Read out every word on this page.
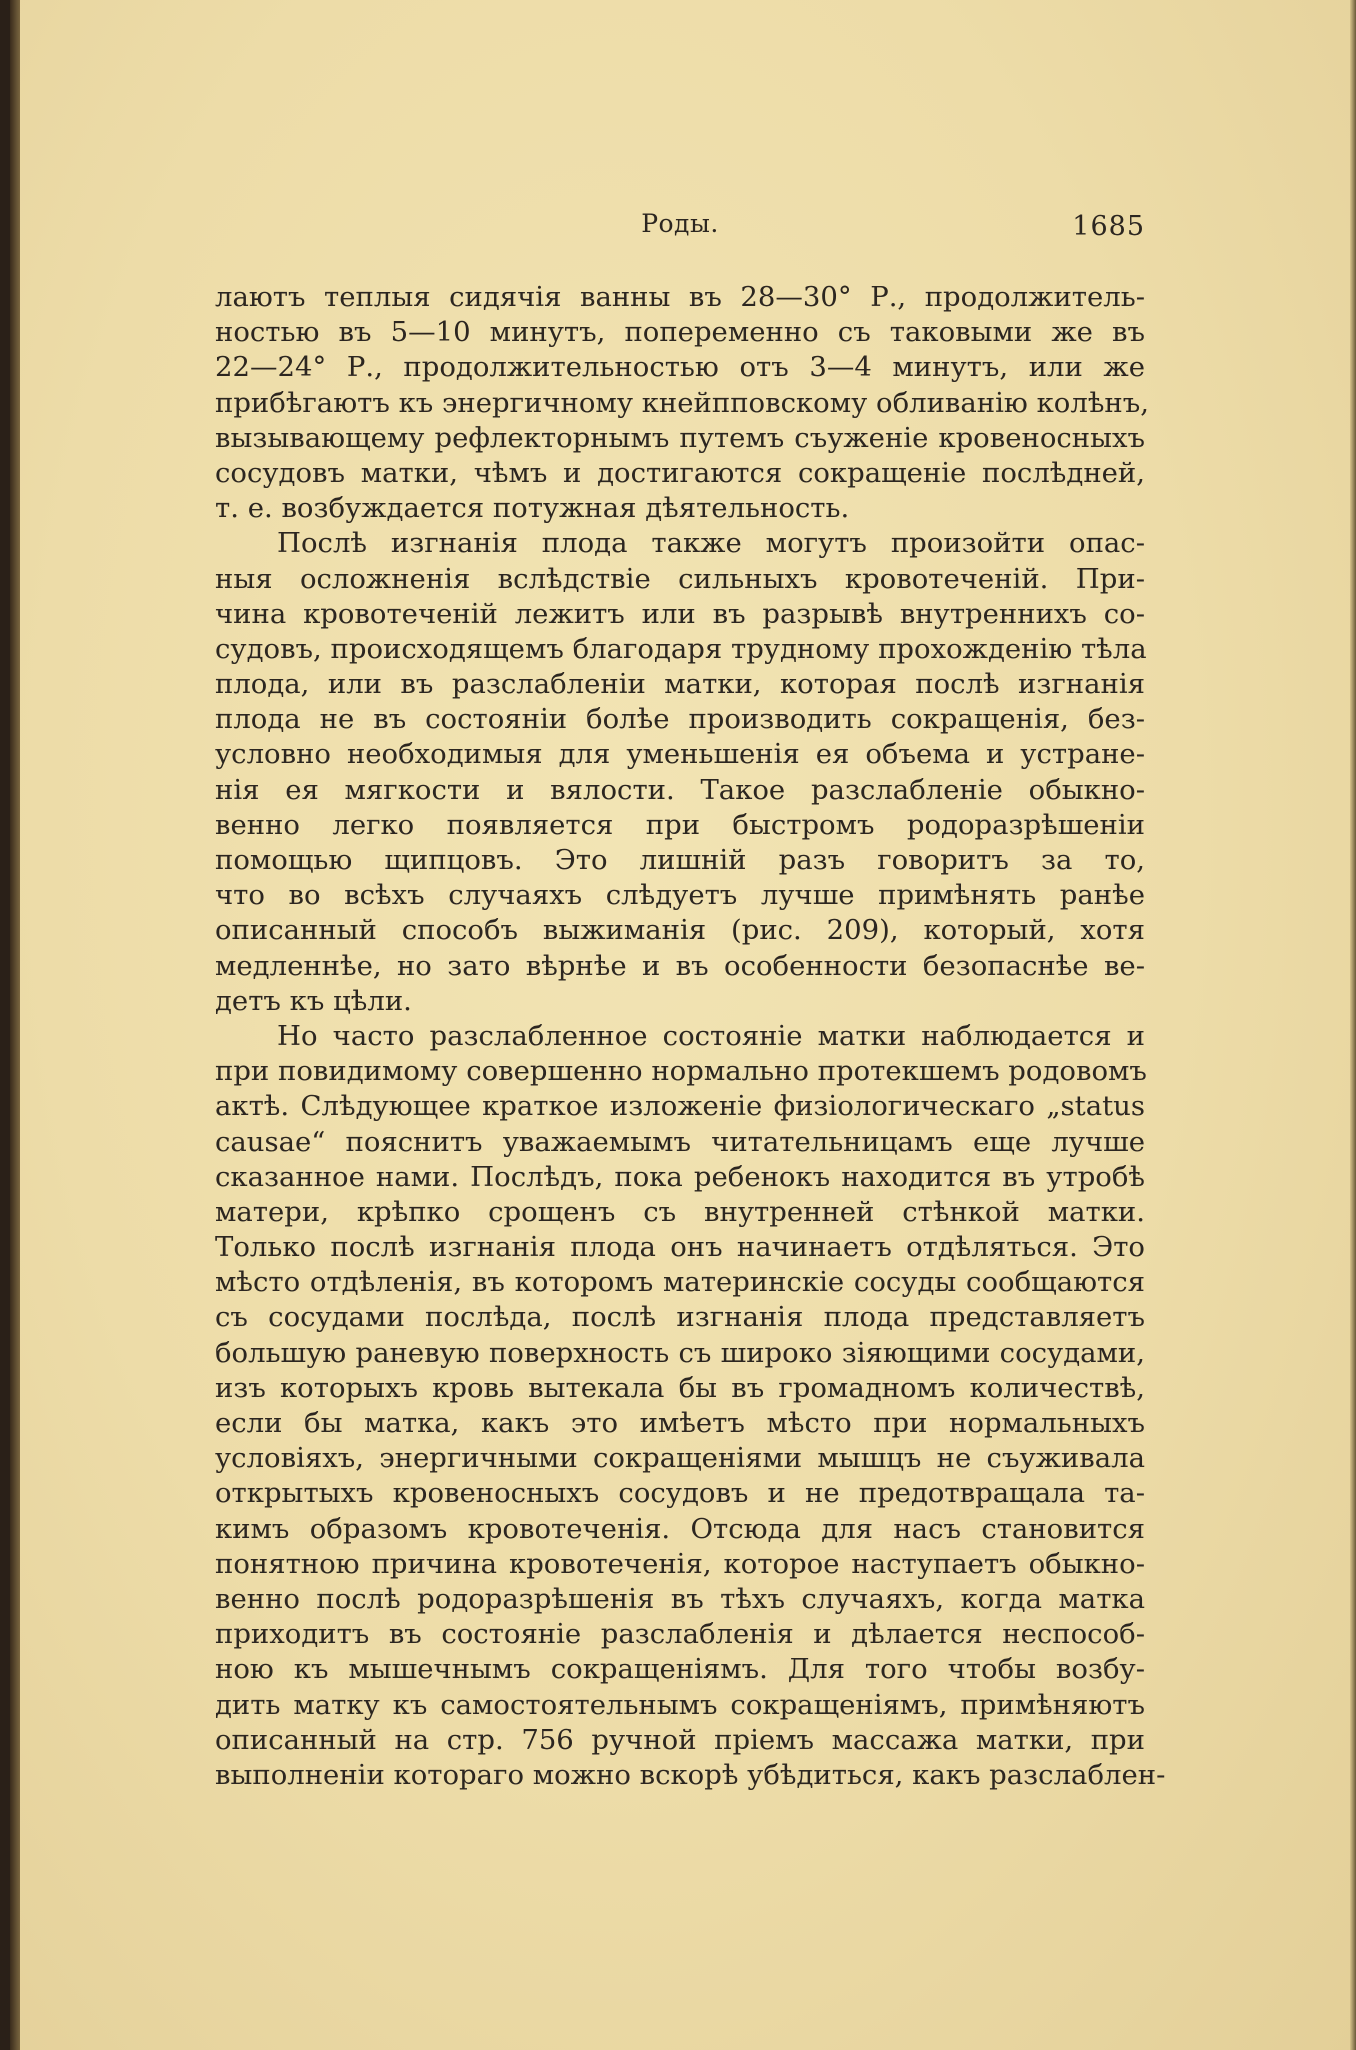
Роды.	1685
лаютъ теплыя сидячія ванны въ 28—30° Р., продолжитель-
ностью въ 5—10 минутъ, попеременно съ таковыми же въ
22—24° Р., продолжительностью отъ 3—4 минутъ, или же
прибѣгаютъ къ энергичному кнейпповскому обливанію колѣнъ,
вызывающему рефлекторнымъ путемъ съуженіе кровеносныхъ
сосудовъ матки, чѣмъ и достигаются сокращеніе послѣдней,
т. е. возбуждается потужная дѣятельность.
Послѣ изгнанія плода также могутъ произойти опас-
ныя осложненія вслѣдствіе сильныхъ кровотеченій. При-
чина кровотеченій лежитъ или въ разрывѣ внутреннихъ со-
судовъ, происходящемъ благодаря трудному прохожденію тѣла
плода, или въ разслабленіи матки, которая послѣ изгнанія
плода не въ состояніи болѣе производить сокращенія, без-
условно необходимыя для уменьшенія ея объема и устране-
нія ея мягкости и вялости. Такое разслабленіе обыкно-
венно легко появляется при быстромъ родоразрѣшеніи
помощью щипцовъ. Это лишній разъ говоритъ за то,
что во всѣхъ случаяхъ слѣдуетъ лучше примѣнять ранѣе
описанный способъ выжиманія (рис. 209), который, хотя
медленнѣе, но зато вѣрнѣе и въ особенности безопаснѣе ве-
детъ къ цѣли.
Но часто разслабленное состояніе матки наблюдается и
при повидимому совершенно нормально протекшемъ родовомъ
актѣ. Слѣдующее краткое изложеніе физіологическаго „status
causae“ пояснитъ уважаемымъ читательницамъ еще лучше
сказанное нами. Послѣдъ, пока ребенокъ находится въ утробѣ
матери, крѣпко срощенъ съ внутренней стѣнкой матки.
Только послѣ изгнанія плода онъ начинаетъ отдѣляться. Это
мѣсто отдѣленія, въ которомъ материнскіе сосуды сообщаются
съ сосудами послѣда, послѣ изгнанія плода представляетъ
большую раневую поверхность съ широко зіяющими сосудами,
изъ которыхъ кровь вытекала бы въ громадномъ количествѣ,
если бы матка, какъ это имѣетъ мѣсто при нормальныхъ
условіяхъ, энергичными сокращеніями мышцъ не съуживала
открытыхъ кровеносныхъ сосудовъ и не предотвращала та-
кимъ образомъ кровотеченія. Отсюда для насъ становится
понятною причина кровотеченія, которое наступаетъ обыкно-
венно послѣ родоразрѣшенія въ тѣхъ случаяхъ, когда матка
приходитъ въ состояніе разслабленія и дѣлается неспособ-
ною къ мышечнымъ сокращеніямъ. Для того чтобы возбу-
дить матку къ самостоятельнымъ сокращеніямъ, примѣняютъ
описанный на стр. 756 ручной пріемъ массажа матки, при
выполненіи котораго можно вскорѣ убѣдиться, какъ разслаблен-
